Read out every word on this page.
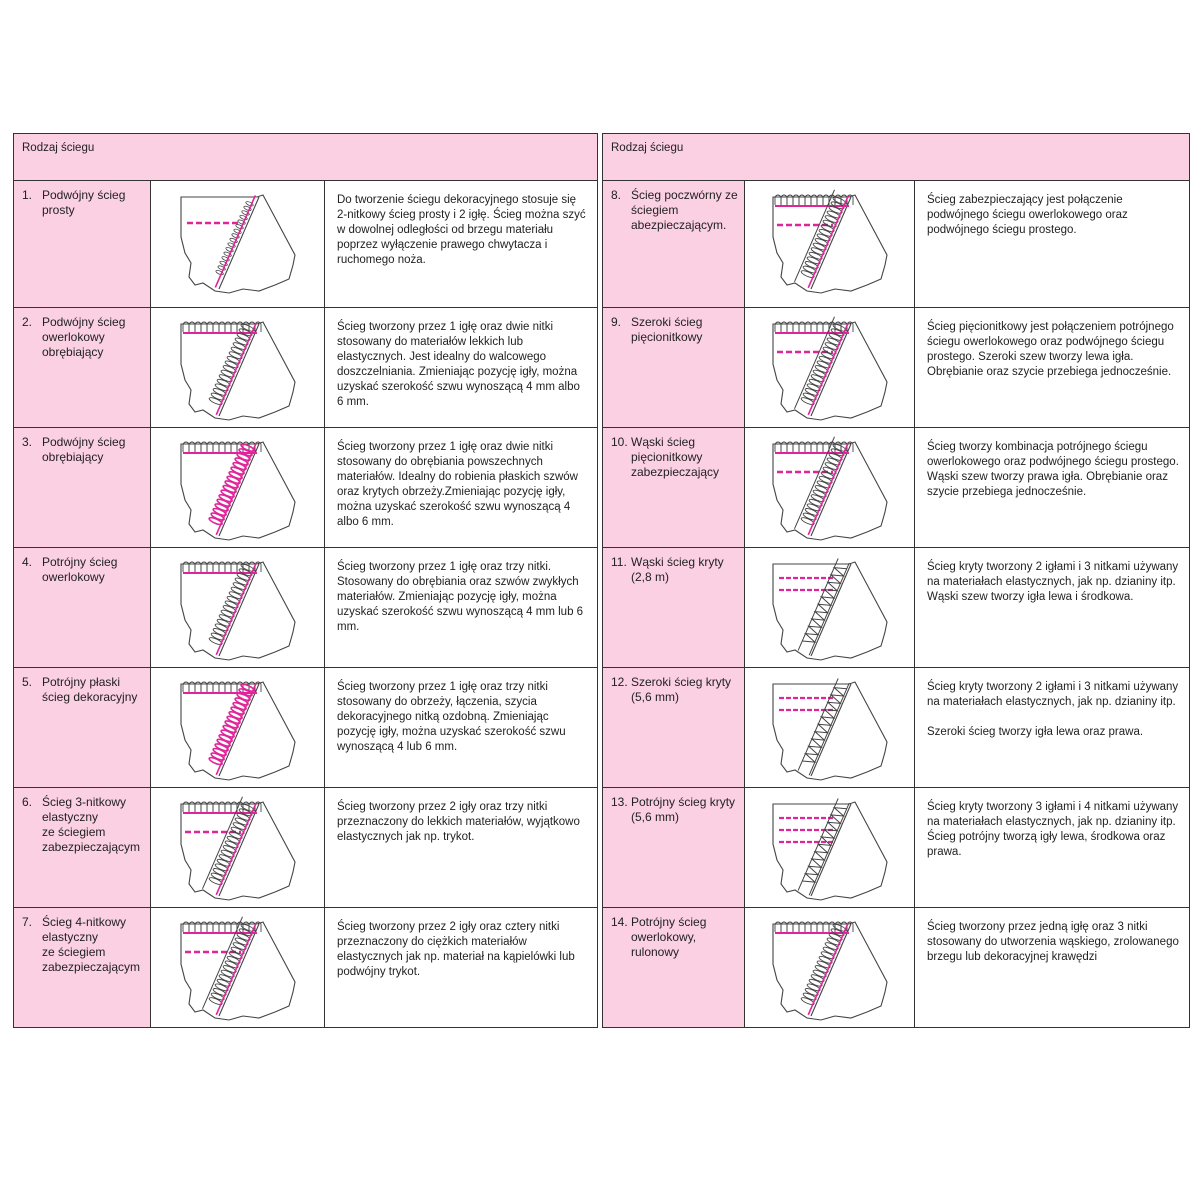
Rodzaj ściegu		

1. Podwójny ścieg prosty		Do tworzenie ściegu dekoracyjnego stosuje się 2-nitkowy ścieg prosty i 2 igłę. Ścieg można szyć w dowolnej odległości od brzegu materiału poprzez wyłączenie prawego chwytacza i ruchomego noża.

2. Podwójny ścieg owerlokowy obrębiający		Ścieg tworzony przez 1 igłę oraz dwie nitki stosowany do materiałów lekkich lub elastycznych. Jest idealny do walcowego doszczelniania. Zmieniając pozycję igły, można uzyskać szerokość szwu wynoszącą 4 mm albo 6 mm.

3. Podwójny ścieg obrębiający		Ścieg tworzony przez 1 igłę oraz dwie nitki stosowany do obrębiania powszechnych materiałów. Idealny do robienia płaskich szwów oraz krytych obrzeży.Zmieniając pozycję igły, można uzyskać szerokość szwu wynoszącą 4 albo 6 mm.

4. Potrójny ścieg owerlokowy		Ścieg tworzony przez 1 igłę oraz trzy nitki. Stosowany do obrębiania oraz szwów zwykłych materiałów. Zmieniając pozycję igły, można uzyskać szerokość szwu wynoszącą 4 mm lub 6 mm.

5. Potrójny płaski ścieg dekoracyjny		Ścieg tworzony przez 1 igłę oraz trzy nitki stosowany do obrzeży, łączenia, szycia dekoracyjnego nitką ozdobną. Zmieniając pozycję igły, można uzyskać szerokość szwu wynoszącą 4 lub 6 mm.

6. Ścieg 3-nitkowy elastyczny
ze ściegiem
zabezpieczającym		Ścieg tworzony przez 2 igły oraz trzy nitki przeznaczony do lekkich materiałów, wyjątkowo elastycznych jak np. trykot.

7. Ścieg 4-nitkowy elastyczny
ze ściegiem
zabezpieczającym		Ścieg tworzony przez 2 igły oraz cztery nitki przeznaczony do ciężkich materiałów elastycznych jak np. materiał na kąpielówki lub podwójny trykot.
Rodzaj ściegu		

8. Ścieg poczwórny ze ściegiem abezpieczającym.		Ścieg zabezpieczający jest połączenie podwójnego ściegu owerlokowego oraz podwójnego ściegu prostego.

9. Szeroki ścieg pięcionitkowy		Ścieg pięcionitkowy jest połączeniem potrójnego ściegu owerlokowego oraz podwójnego ściegu prostego. Szeroki szew tworzy lewa igła.
Obrębianie oraz szycie przebiega jednocześnie.

10. Wąski ścieg pięcionitkowy zabezpieczający		Ścieg tworzy kombinacja potrójnego ściegu owerlokowego oraz podwójnego ściegu prostego. Wąski szew tworzy prawa igła. Obrębianie oraz szycie przebiega jednocześnie.

11. Wąski ścieg kryty (2,8 m)		Ścieg kryty tworzony 2 igłami i 3 nitkami używany na materiałach elastycznych, jak np. dzianiny itp.
Wąski szew tworzy igła lewa i środkowa.

12. Szeroki ścieg kryty (5,6 mm)		Ścieg kryty tworzony 2 igłami i 3 nitkami używany na materiałach elastycznych, jak np. dzianiny itp.

Szeroki ścieg tworzy igła lewa oraz prawa.

13. Potrójny ścieg kryty (5,6 mm)		Ścieg kryty tworzony 3 igłami i 4 nitkami używany na materiałach elastycznych, jak np. dzianiny itp. Ścieg potrójny tworzą igły lewa, środkowa oraz prawa.

14. Potrójny ścieg owerlokowy, rulonowy		Ścieg tworzony przez jedną igłę oraz 3 nitki stosowany do utworzenia wąskiego, zrolowanego brzegu lub dekoracyjnej krawędzi
